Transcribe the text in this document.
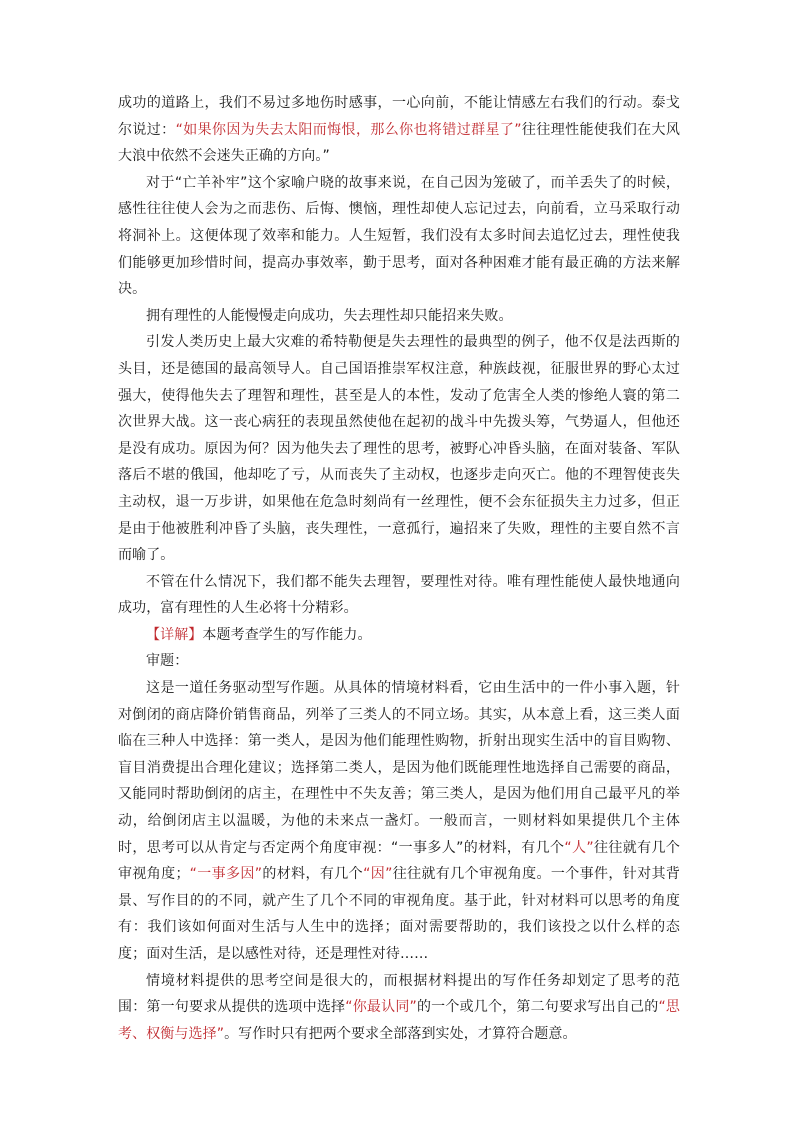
成功的道路上，我们不易过多地伤时感事，一心向前，不能让情感左右我们的行动。泰戈尔说过：“如果你因为失去太阳而悔恨，那么你也将错过群星了”往往理性能使我们在大风大浪中依然不会迷失正确的方向。”

对于“亡羊补牢”这个家喻户晓的故事来说，在自己因为笼破了，而羊丢失了的时候，感性往往使人会为之而悲伤、后悔、懊恼，理性却使人忘记过去，向前看，立马采取行动将洞补上。这便体现了效率和能力。人生短暂，我们没有太多时间去追忆过去，理性使我们能够更加珍惜时间，提高办事效率，勤于思考，面对各种困难才能有最正确的方法来解决。

拥有理性的人能慢慢走向成功，失去理性却只能招来失败。

引发人类历史上最大灾难的希特勒便是失去理性的最典型的例子，他不仅是法西斯的头目，还是德国的最高领导人。自己国语推崇军权注意，种族歧视，征服世界的野心太过强大，使得他失去了理智和理性，甚至是人的本性，发动了危害全人类的惨绝人寰的第二次世界大战。这一丧心病狂的表现虽然使他在起初的战斗中先拨头筹，气势逼人，但他还是没有成功。原因为何？因为他失去了理性的思考，被野心冲昏头脑，在面对装备、军队落后不堪的俄国，他却吃了亏，从而丧失了主动权，也逐步走向灭亡。他的不理智使丧失主动权，退一万步讲，如果他在危急时刻尚有一丝理性，便不会东征损失主力过多，但正是由于他被胜利冲昏了头脑，丧失理性，一意孤行，遍招来了失败，理性的主要自然不言而喻了。

不管在什么情况下，我们都不能失去理智，要理性对待。唯有理性能使人最快地通向成功，富有理性的人生必将十分精彩。

【详解】本题考查学生的写作能力。

审题：

这是一道任务驱动型写作题。从具体的情境材料看，它由生活中的一件小事入题，针对倒闭的商店降价销售商品，列举了三类人的不同立场。其实，从本意上看，这三类人面临在三种人中选择：第一类人，是因为他们能理性购物，折射出现实生活中的盲目购物、盲目消费提出合理化建议；选择第二类人，是因为他们既能理性地选择自己需要的商品，又能同时帮助倒闭的店主，在理性中不失友善；第三类人，是因为他们用自己最平凡的举动，给倒闭店主以温暖，为他的未来点一盏灯。一般而言，一则材料如果提供几个主体时，思考可以从肯定与否定两个角度审视：“一事多人”的材料，有几个“人”往往就有几个审视角度；“一事多因”的材料，有几个“因”往往就有几个审视角度。一个事件，针对其背景、写作目的的不同，就产生了几个不同的审视角度。基于此，针对材料可以思考的角度有：我们该如何面对生活与人生中的选择；面对需要帮助的，我们该投之以什么样的态度；面对生活，是以感性对待，还是理性对待……

情境材料提供的思考空间是很大的，而根据材料提出的写作任务却划定了思考的范围：第一句要求从提供的选项中选择“你最认同”的一个或几个，第二句要求写出自己的“思考、权衡与选择”。写作时只有把两个要求全部落到实处，才算符合题意。
